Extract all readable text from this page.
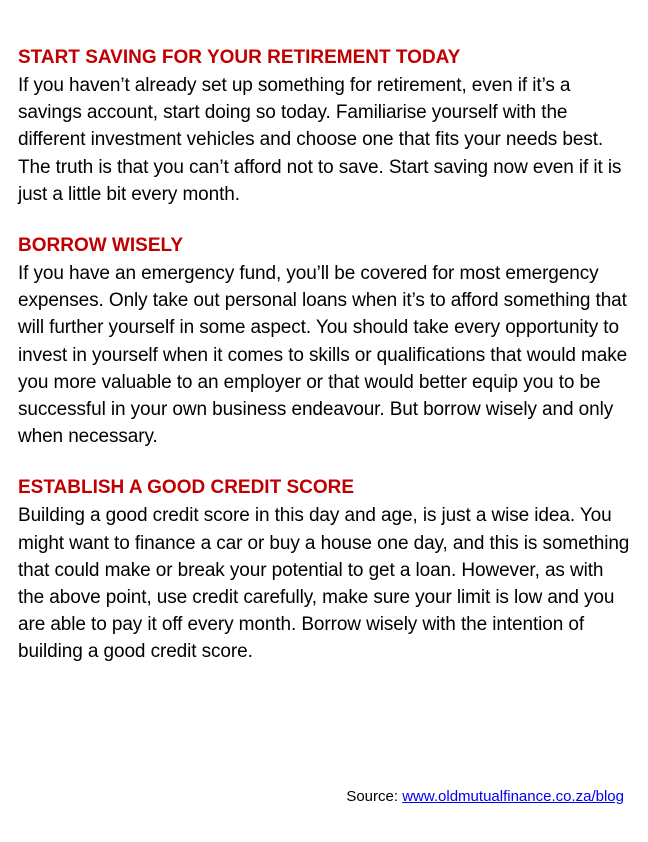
START SAVING FOR YOUR RETIREMENT TODAY

If you haven’t already set up something for retirement, even if it’s a savings account, start doing so today. Familiarise yourself with the different investment vehicles and choose one that fits your needs best. The truth is that you can’t afford not to save. Start saving now even if it is just a little bit every month.

BORROW WISELY

If you have an emergency fund, you’ll be covered for most emergency expenses. Only take out personal loans when it’s to afford something that will further yourself in some aspect. You should take every opportunity to invest in yourself when it comes to skills or qualifications that would make you more valuable to an employer or that would better equip you to be successful in your own business endeavour. But borrow wisely and only when necessary.

ESTABLISH A GOOD CREDIT SCORE

Building a good credit score in this day and age, is just a wise idea. You might want to finance a car or buy a house one day, and this is something that could make or break your potential to get a loan. However, as with the above point, use credit carefully, make sure your limit is low and you are able to pay it off every month. Borrow wisely with the intention of building a good credit score.

Source: www.oldmutualfinance.co.za/blog
